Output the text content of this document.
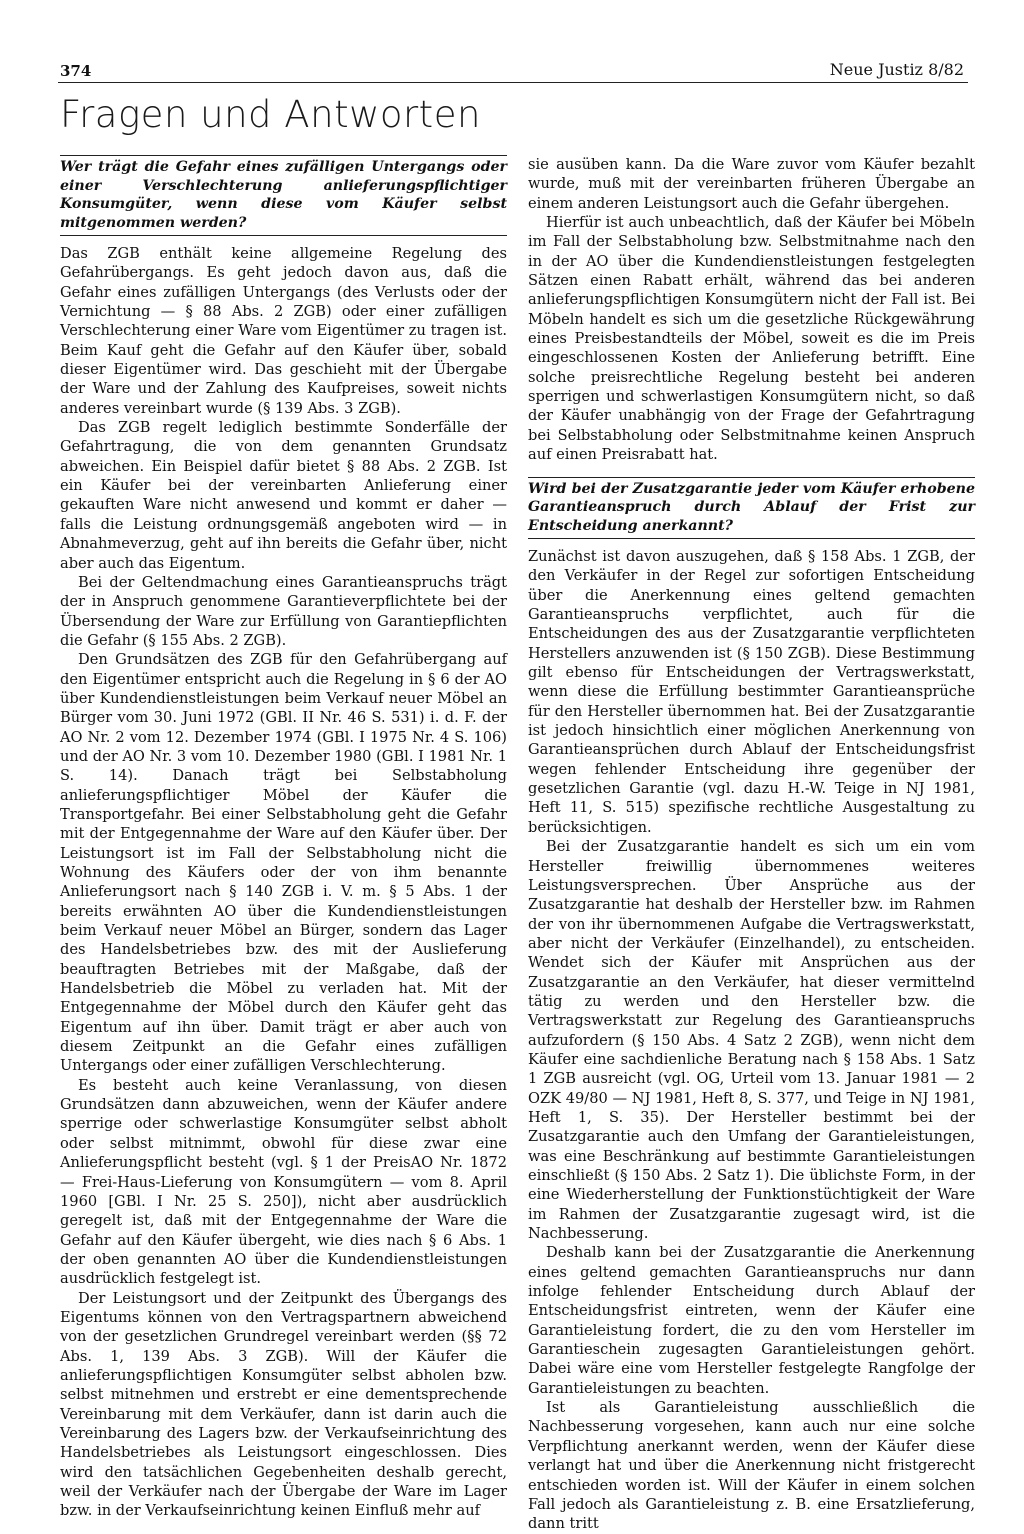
374	Neue Justiz 8/82
Fragen und Antworten
Wer trägt die Gefahr eines zufälligen Untergangs oder einer Verschlechterung anlieferungspflichtiger Konsumgüter, wenn diese vom Käufer selbst mitgenommen werden?

Das ZGB enthält keine allgemeine Regelung des Gefahrübergangs. Es geht jedoch davon aus, daß die Gefahr eines zufälligen Untergangs (des Verlusts oder der Vernichtung — § 88 Abs. 2 ZGB) oder einer zufälligen Verschlechterung einer Ware vom Eigentümer zu tragen ist. Beim Kauf geht die Gefahr auf den Käufer über, sobald dieser Eigentümer wird. Das geschieht mit der Übergabe der Ware und der Zahlung des Kaufpreises, soweit nichts anderes vereinbart wurde (§ 139 Abs. 3 ZGB).

Das ZGB regelt lediglich bestimmte Sonderfälle der Gefahrtragung, die von dem genannten Grundsatz abweichen. Ein Beispiel dafür bietet § 88 Abs. 2 ZGB. Ist ein Käufer bei der vereinbarten Anlieferung einer gekauften Ware nicht anwesend und kommt er daher — falls die Leistung ordnungsgemäß angeboten wird — in Abnahmeverzug, geht auf ihn bereits die Gefahr über, nicht aber auch das Eigentum.

Bei der Geltendmachung eines Garantieanspruchs trägt der in Anspruch genommene Garantieverpflichtete bei der Übersendung der Ware zur Erfüllung von Garantiepflichten die Gefahr (§ 155 Abs. 2 ZGB).

Den Grundsätzen des ZGB für den Gefahrübergang auf den Eigentümer entspricht auch die Regelung in § 6 der AO über Kundendienstleistungen beim Verkauf neuer Möbel an Bürger vom 30. Juni 1972 (GBl. II Nr. 46 S. 531) i. d. F. der AO Nr. 2 vom 12. Dezember 1974 (GBl. I 1975 Nr. 4 S. 106) und der AO Nr. 3 vom 10. Dezember 1980 (GBl. I 1981 Nr. 1 S. 14). Danach trägt bei Selbstabholung anlieferungspflichtiger Möbel der Käufer die Transportgefahr. Bei einer Selbstabholung geht die Gefahr mit der Entgegennahme der Ware auf den Käufer über. Der Leistungsort ist im Fall der Selbstabholung nicht die Wohnung des Käufers oder der von ihm benannte Anlieferungsort nach § 140 ZGB i. V. m. § 5 Abs. 1 der bereits erwähnten AO über die Kundendienstleistungen beim Verkauf neuer Möbel an Bürger, sondern das Lager des Handelsbetriebes bzw. des mit der Auslieferung beauftragten Betriebes mit der Maßgabe, daß der Handelsbetrieb die Möbel zu verladen hat. Mit der Entgegennahme der Möbel durch den Käufer geht das Eigentum auf ihn über. Damit trägt er aber auch von diesem Zeitpunkt an die Gefahr eines zufälligen Untergangs oder einer zufälligen Verschlechterung.

Es besteht auch keine Veranlassung, von diesen Grundsätzen dann abzuweichen, wenn der Käufer andere sperrige oder schwerlastige Konsumgüter selbst abholt oder selbst mitnimmt, obwohl für diese zwar eine Anlieferungspflicht besteht (vgl. § 1 der PreisAO Nr. 1872 — Frei-Haus-Lieferung von Konsumgütern — vom 8. April 1960 [GBl. I Nr. 25 S. 250]), nicht aber ausdrücklich geregelt ist, daß mit der Entgegennahme der Ware die Gefahr auf den Käufer übergeht, wie dies nach § 6 Abs. 1 der oben genannten AO über die Kundendienstleistungen ausdrücklich festgelegt ist.

Der Leistungsort und der Zeitpunkt des Übergangs des Eigentums können von den Vertragspartnern abweichend von der gesetzlichen Grundregel vereinbart werden (§§ 72 Abs. 1, 139 Abs. 3 ZGB). Will der Käufer die anlieferungspflichtigen Konsumgüter selbst abholen bzw. selbst mitnehmen und erstrebt er eine dementsprechende Vereinbarung mit dem Verkäufer, dann ist darin auch die Vereinbarung des Lagers bzw. der Verkaufseinrichtung des Handelsbetriebes als Leistungsort eingeschlossen. Dies wird den tatsächlichen Gegebenheiten deshalb gerecht, weil der Verkäufer nach der Übergabe der Ware im Lager bzw. in der Verkaufseinrichtung keinen Einfluß mehr auf

sie ausüben kann. Da die Ware zuvor vom Käufer bezahlt wurde, muß mit der vereinbarten früheren Übergabe an einem anderen Leistungsort auch die Gefahr übergehen.

Hierfür ist auch unbeachtlich, daß der Käufer bei Möbeln im Fall der Selbstabholung bzw. Selbstmitnahme nach den in der AO über die Kundendienstleistungen festgelegten Sätzen einen Rabatt erhält, während das bei anderen anlieferungspflichtigen Konsumgütern nicht der Fall ist. Bei Möbeln handelt es sich um die gesetzliche Rückgewährung eines Preisbestandteils der Möbel, soweit es die im Preis eingeschlossenen Kosten der Anlieferung betrifft. Eine solche preisrechtliche Regelung besteht bei anderen sperrigen und schwerlastigen Konsumgütern nicht, so daß der Käufer unabhängig von der Frage der Gefahrtragung bei Selbstabholung oder Selbstmitnahme keinen Anspruch auf einen Preisrabatt hat.

Wird bei der Zusatzgarantie jeder vom Käufer erhobene Garantieanspruch durch Ablauf der Frist zur Entscheidung anerkannt?

Zunächst ist davon auszugehen, daß § 158 Abs. 1 ZGB, der den Verkäufer in der Regel zur sofortigen Entscheidung über die Anerkennung eines geltend gemachten Garantieanspruchs verpflichtet, auch für die Entscheidungen des aus der Zusatzgarantie verpflichteten Herstellers anzuwenden ist (§ 150 ZGB). Diese Bestimmung gilt ebenso für Entscheidungen der Vertragswerkstatt, wenn diese die Erfüllung bestimmter Garantieansprüche für den Hersteller übernommen hat. Bei der Zusatzgarantie ist jedoch hinsichtlich einer möglichen Anerkennung von Garantieansprüchen durch Ablauf der Entscheidungsfrist wegen fehlender Entscheidung ihre gegenüber der gesetzlichen Garantie (vgl. dazu H.-W. Teige in NJ 1981, Heft 11, S. 515) spezifische rechtliche Ausgestaltung zu berücksichtigen.

Bei der Zusatzgarantie handelt es sich um ein vom Hersteller freiwillig übernommenes weiteres Leistungsversprechen. Über Ansprüche aus der Zusatzgarantie hat deshalb der Hersteller bzw. im Rahmen der von ihr übernommenen Aufgabe die Vertragswerkstatt, aber nicht der Verkäufer (Einzelhandel), zu entscheiden. Wendet sich der Käufer mit Ansprüchen aus der Zusatzgarantie an den Verkäufer, hat dieser vermittelnd tätig zu werden und den Hersteller bzw. die Vertragswerkstatt zur Regelung des Garantieanspruchs aufzufordern (§ 150 Abs. 4 Satz 2 ZGB), wenn nicht dem Käufer eine sachdienliche Beratung nach § 158 Abs. 1 Satz 1 ZGB ausreicht (vgl. OG, Urteil vom 13. Januar 1981 — 2 OZK 49/80 — NJ 1981, Heft 8, S. 377, und Teige in NJ 1981, Heft 1, S. 35). Der Hersteller bestimmt bei der Zusatzgarantie auch den Umfang der Garantieleistungen, was eine Beschränkung auf bestimmte Garantieleistungen einschließt (§ 150 Abs. 2 Satz 1). Die üblichste Form, in der eine Wiederherstellung der Funktionstüchtigkeit der Ware im Rahmen der Zusatzgarantie zugesagt wird, ist die Nachbesserung.

Deshalb kann bei der Zusatzgarantie die Anerkennung eines geltend gemachten Garantieanspruchs nur dann infolge fehlender Entscheidung durch Ablauf der Entscheidungsfrist eintreten, wenn der Käufer eine Garantieleistung fordert, die zu den vom Hersteller im Garantieschein zugesagten Garantieleistungen gehört. Dabei wäre eine vom Hersteller festgelegte Rangfolge der Garantieleistungen zu beachten.

Ist als Garantieleistung ausschließlich die Nachbesserung vorgesehen, kann auch nur eine solche Verpflichtung anerkannt werden, wenn der Käufer diese verlangt hat und über die Anerkennung nicht fristgerecht entschieden worden ist. Will der Käufer in einem solchen Fall jedoch als Garantieleistung z. B. eine Ersatzlieferung, dann tritt
